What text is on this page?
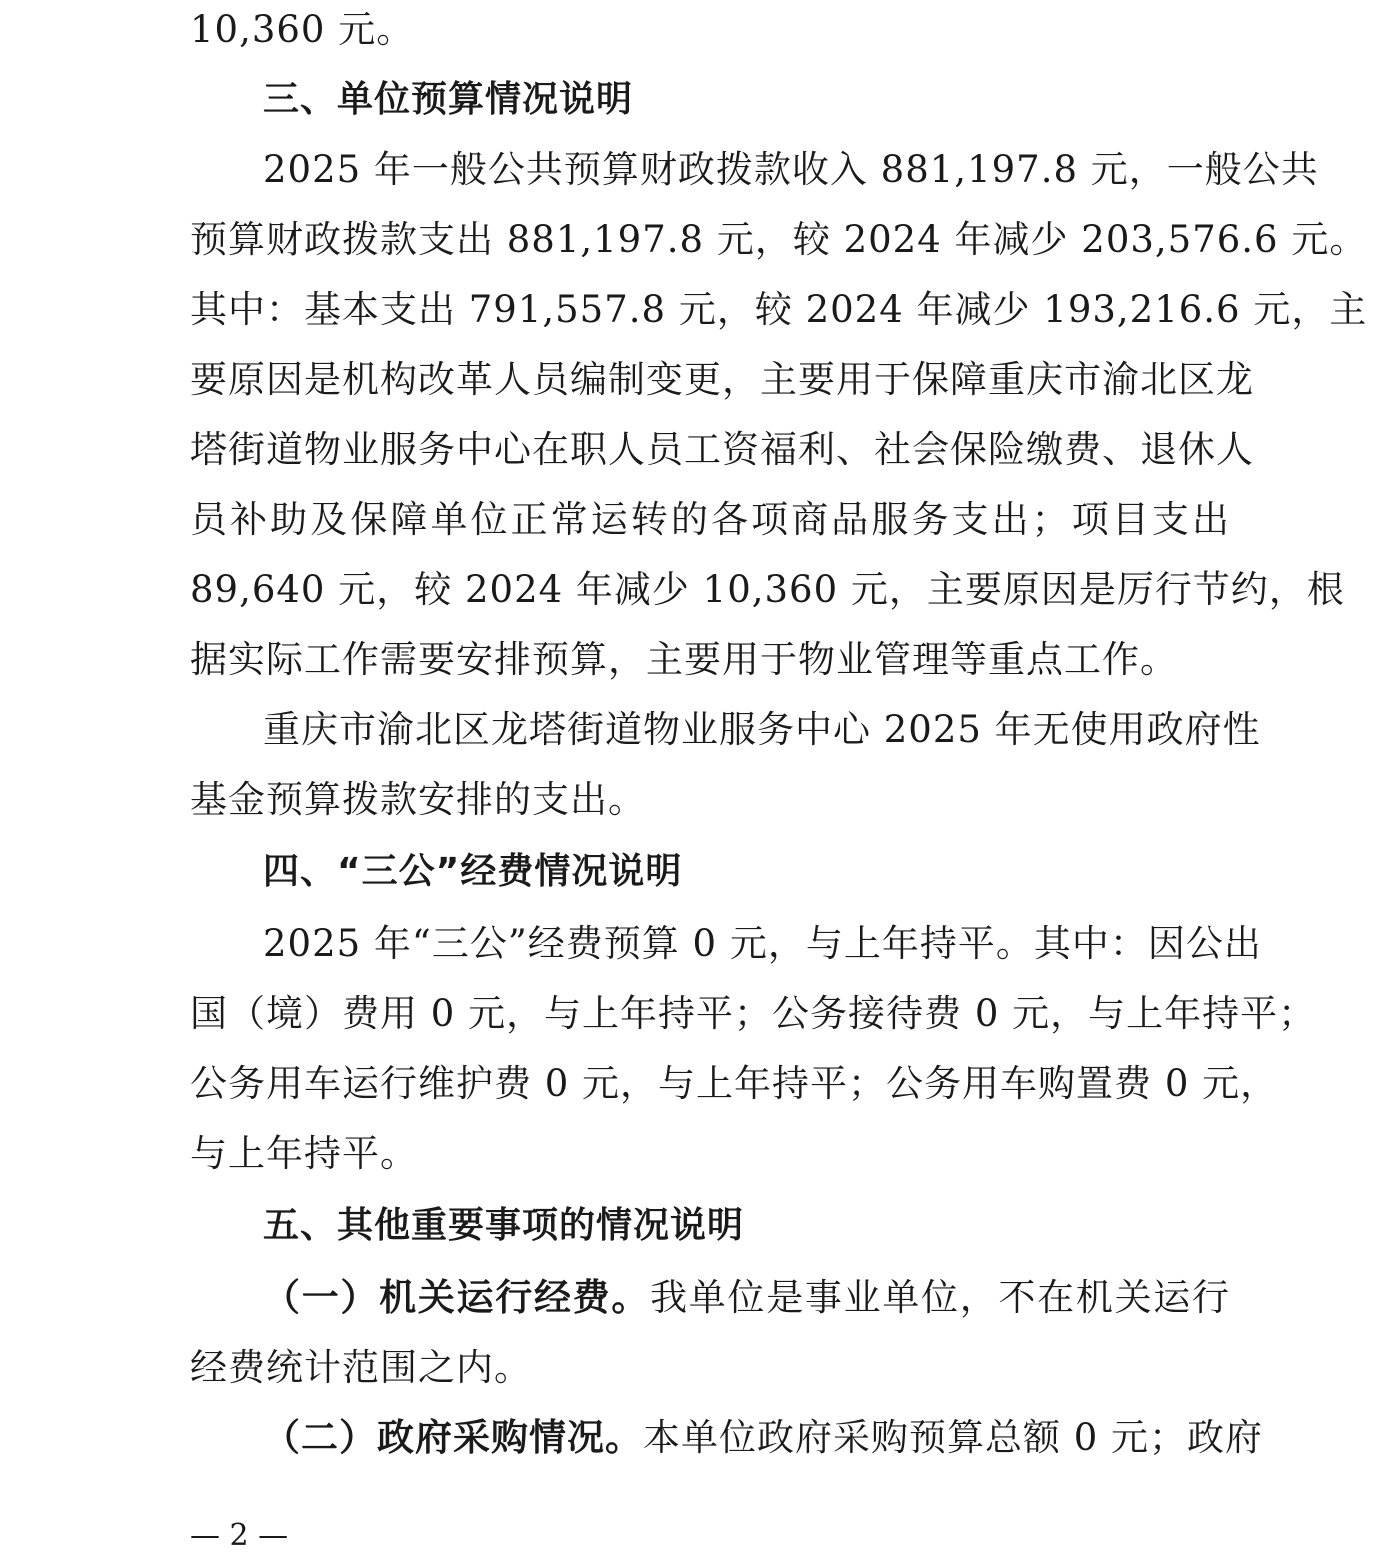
10,360 元。
三、单位预算情况说明
2025 年一般公共预算财政拨款收入 881,197.8 元，一般公共
预算财政拨款支出 881,197.8 元，较 2024 年减少 203,576.6 元。
其中：基本支出 791,557.8 元，较 2024 年减少 193,216.6 元，主
要原因是机构改革人员编制变更，主要用于保障重庆市渝北区龙
塔街道物业服务中心在职人员工资福利、社会保险缴费、退休人
员补助及保障单位正常运转的各项商品服务支出；项目支出
89,640 元，较 2024 年减少 10,360 元，主要原因是厉行节约，根
据实际工作需要安排预算，主要用于物业管理等重点工作。
重庆市渝北区龙塔街道物业服务中心 2025 年无使用政府性
基金预算拨款安排的支出。
四、“三公”经费情况说明
2025 年“三公”经费预算 0 元，与上年持平。其中：因公出
国（境）费用 0 元，与上年持平；公务接待费 0 元，与上年持平；
公务用车运行维护费 0 元，与上年持平；公务用车购置费 0 元，
与上年持平。
五、其他重要事项的情况说明
（一）机关运行经费。我单位是事业单位，不在机关运行
经费统计范围之内。
（二）政府采购情况。本单位政府采购预算总额 0 元；政府
— 2 —
